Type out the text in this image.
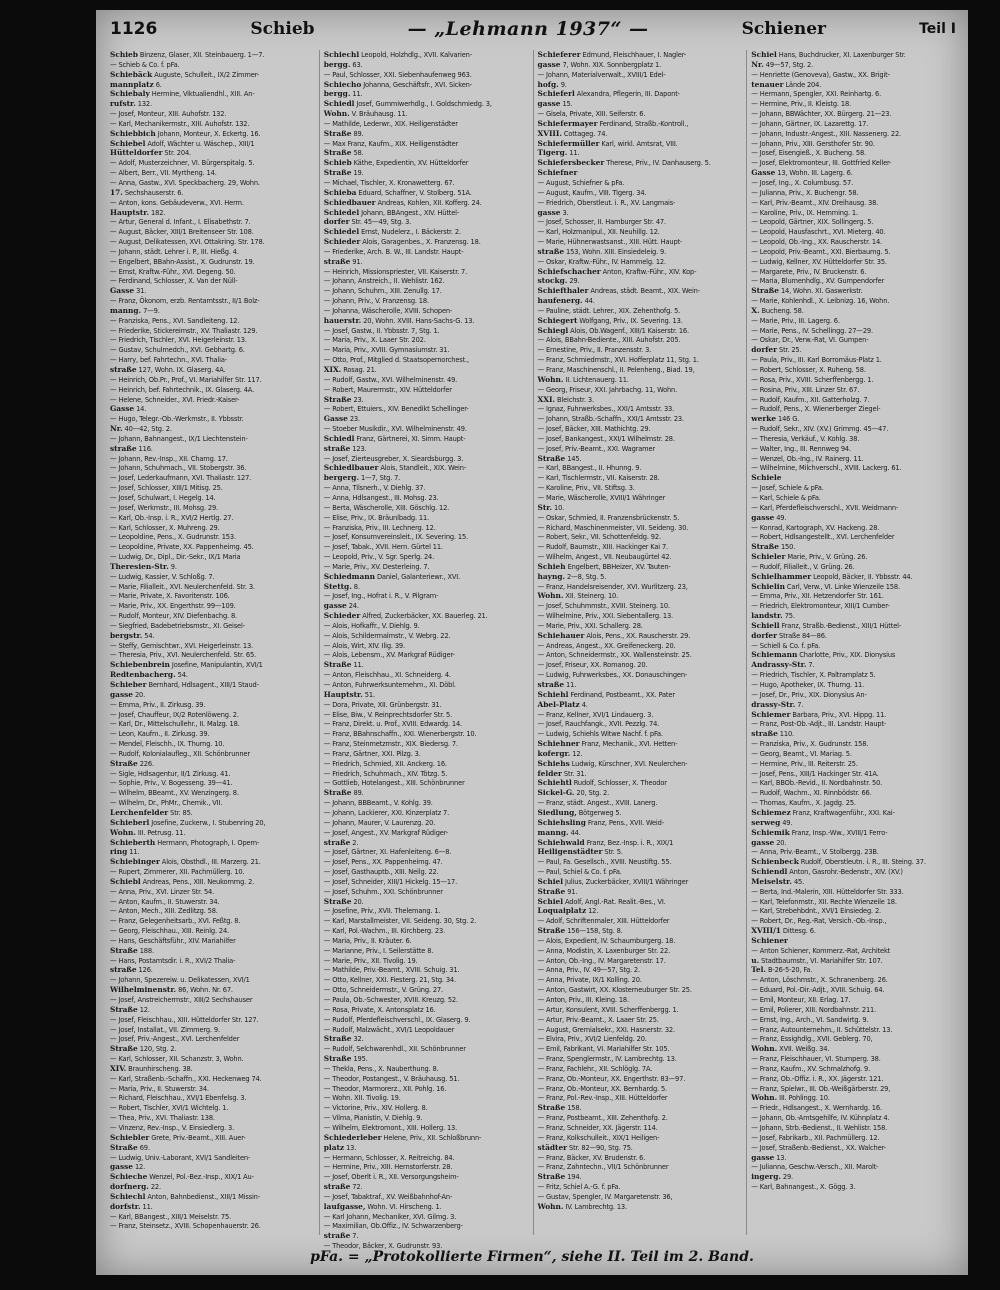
1126	Schieb	— „Lehmann 1937“ —	Schiener	Teil I
Schieb Binzenz, Glaser, XII. Steinbauerg. 1—7.
— Schieb & Co. f. pFa.
Schiebäck Auguste, Schulleit., IX/2 Zimmer-
mannplatz 6.
Schiebaly Hermine, Viktualiendhl., XIII. An-
rufstr. 132.
— Josef, Monteur, XIII. Auhofstr. 132.
— Karl, Mechanikermstr., XIII. Auhofstr. 132.
Schiebbich Johann, Monteur, X. Eckertg. 16.
Schiebel Adolf, Wächter u. Wäschep., XIII/1
Hütteldorfer Str. 204.
— Adolf, Musterzeichner, VI. Bürgerspitalg. 5.
— Albert, Berr., VII. Myrtheng. 14.
— Anna, Gastw., XVI. Speckbacherg. 29, Wohn.
17. Sechshauserstr. 6.
— Anton, kons. Gebäudeverw., XVI. Herm.
Hauptstr. 182.
— Artur, General d. Infant., I. Elisabethstr. 7.
— August, Bäcker, XIII/1 Breitenseer Str. 108.
— August, Delikatessen, XVI. Ottakring. Str. 178.
— Johann, städt. Lehrer i. P., III. Hießg. 4.
— Engelbert, BBahn-Assist., X. Gudrunstr. 19.
— Ernst, Kraftw.-Führ., XVI. Degeng. 50.
— Ferdinand, Schlosser, X. Van der Nüll-
Gasse 31.
— Franz, Ökonom, erzb. Rentamtsstr., II/1 Bolz-
manng. 7—9.
— Franziska, Pens., XVI. Sandleiteng. 12.
— Friederike, Stickereimstr., XV. Thaliastr. 129.
— Friedrich, Tischler, XVI. Heigerleinstr. 13.
— Gustav, Schulmedch., XVI. Gebhartg. 6.
— Harry, bef. Fahrtechn., XVI. Thalia-
straße 127, Wohn. IX. Glaserg. 4A.
— Heinrich, Ob.Pr., Prof., VI. Mariahilfer Str. 117.
— Heinrich, bef. Fahrtechnik., IX. Glaserg. 4A.
— Helene, Schneider., XVI. Friedr.-Kaiser-
Gasse 14.
— Hugo, Telegr.-Ob.-Werkmstr., II. Ybbsstr.
Nr. 40—42, Stg. 2.
— Johann, Bahnangest., IX/1 Liechtenstein-
straße 116.
— Johann, Rev.-Insp., XII. Chamg. 17.
— Johann, Schuhmach., VII. Stobergstr. 36.
— Josef, Lederkaufmann, XVI. Thaliastr. 127.
— Josef, Schlosser, XIII/1 Mitisg. 25.
— Josef, Schulwart, I. Hegelg. 14.
— Josef, Werkmstr., III. Mohsg. 29.
— Karl, Ob.-Insp. i. R., XVI/2 Hertlg. 27.
— Karl, Schlosser, X. Muhreng. 29.
— Leopoldine, Pens., X. Gudrunstr. 153.
— Leopoldine, Private, XX. Pappenheimg. 45.
— Ludwig, Dr., Dipl., Dir.-Sekr., IX/1 Maria
Theresien-Str. 9.
— Ludwig, Kassier, V. Schloßg. 7.
— Marie, Filialleit., XVI. Neulerchenfeld. Str. 3.
— Marie, Private, X. Favoritenstr. 106.
— Marie, Priv., XX. Engerthstr. 99—109.
— Rudolf, Monteur, XIV. Diefenbachg. 8.
— Siegfried, Badebetriebsmstr., XI. Geisel-
bergstr. 54.
— Steffy, Gemischtwr., XVI. Heigerleinstr. 13.
— Theresia, Priv., XVI. Neulerchenfeld. Str. 65.
Schiebenbrein Josefine, Manipulantin, XVI/1
Redtenbacherg. 54.
Schieber Bernhard, Hdlsagent., XIII/1 Staud-
gasse 20.
— Emma, Priv., II. Zirkusg. 39.
— Josef, Chauffeur, IX/2 Rotenlöweng. 2.
— Karl, Dr., Mittelschullehr., II. Malzg. 18.
— Leon, Kaufm., II. Zirkusg. 39.
— Mendel, Fleischh., IX. Thurng. 10.
— Rudolf, Kolonialaufleg., XII. Schönbrunner
Straße 226.
— Sigle, Hdlsagentur, II/1 Zirkusg. 41.
— Sophie, Priv., V. Bogesseng. 39—41.
— Wilhelm, BBeamt., XV. Wenzingerg. 8.
— Wilhelm, Dr., PhMr., Chemik., VII.
Lerchenfelder Str. 85.
Schieberl Josefine, Zuckerw., I. Stubenring 20,
Wohn. III. Petrusg. 11.
Schieberth Hermann, Photograph, I. Opern-
ring 11.
Schiebinger Alois, Obsthdl., III. Marzerg. 21.
— Rupert, Zimmerer, XII. Pachmüllerg. 10.
Schiebl Andreas, Pens., XIII. Neukommg. 2.
— Anna, Priv., XVI. Linzer Str. 54.
— Anton, Kaufm., II. Stuwerstr. 34.
— Anton, Mech., XIII. Zedlitzg. 58.
— Franz, Gelegenheitsarb., XVI. Feßtg. 8.
— Georg, Fleischhau., XIII. Reinlg. 24.
— Hans, Geschäftsführ., XIV. Mariahilfer
Straße 188.
— Hans, Postamtsdir. i. R., XVI/2 Thalia-
straße 126.
— Johann, Spezereiw. u. Delikatessen, XVI/1
Wilhelminenstr. 86, Wohn. Nr. 67.
— Josef, Anstreichermstr., XIII/2 Sechshauser
Straße 12.
— Josef, Fleischhau., XIII. Hütteldorfer Str. 127.
— Josef, Installat., VII. Zimmerg. 9.
— Josef, Priv.-Angest., XVI. Lerchenfelder
Straße 120, Stg. 2.
— Karl, Schlosser, XII. Schanzstr. 3, Wohn.
XIV. Braunhirscheng. 38.
— Karl, Straßenb.-Schaffn., XXI. Heckenweg 74.
— Maria, Priv., II. Stuwerstr. 34.
— Richard, Fleischhau., XVI/1 Ebenfelsg. 3.
— Robert, Tischler, XVI/1 Wichtelg. 1.
— Thea, Priv., XVI. Thaliastr. 138.
— Vinzenz, Rev.-Insp., V. Einsiedlerg. 3.
Schiebler Grete, Priv.-Beamt., XIII. Auer-
Straße 69.
— Ludwig, Univ.-Laborant, XVI/1 Sandleiten-
gasse 12.
Schieche Wenzel, Pol.-Bez.-Insp., XIX/1 Au-
dorfnerg. 22.
Schiechl Anton, Bahnbedienst., XIII/1 Missin-
dorfstr. 11.
— Karl, BBangest., XIII/1 Meiselstr. 75.
— Franz, Steinsetz., XVIII. Schopenhauerstr. 26.
Schiechl Leopold, Holzhdlg., XVII. Kalvarien-
bergg. 63.
— Paul, Schlosser, XXI. Siebenhaufenweg 963.
Schiecho Johanna, Geschäftsfr., XVI. Sicken-
bergg. 11.
Schiedl Josef, Gummiwerhdlg., I. Goldschmiedg. 3,
Wohn. V. Bräuhausg. 11.
— Mathilde, Lederwr., XIX. Heiligenstädter
Straße 89.
— Max Franz, Kaufm., XIX. Heiligenstädter
Straße 58.
Schieb Käthe, Expedientin, XV. Hütteldorfer
Straße 19.
— Michael, Tischler, X. Kronawetterg. 67.
Schieba Eduard, Schaffner, V. Stolberg. 51A.
Schiedbauer Andreas, Kohlen, XII. Kofferg. 24.
Schiedel Johann, BBAngest., XIV. Hüttel-
dorfer Str. 45—49, Stg. 3.
Schiedel Ernst, Nudelerz., I. Bäckerstr. 2.
Schieder Alois, Garagenbes., X. Franzensg. 18.
— Friederike, Arch. B. W., III. Landstr. Haupt-
straße 91.
— Heinrich, Missionspriester, VII. Kaiserstr. 7.
— Johann, Anstreich., II. Wehlistr. 162.
— Johann, Schuhm., XIII. Zenullg. 17.
— Johann, Priv., V. Franzensg. 18.
— Johanna, Wäscherolle, XVIII. Schopen-
hauerstr. 20, Wohn. XVIII. Hans-Sachs-G. 13.
— Josef, Gastw., II. Ybbsstr. 7, Stg. 1.
— Maria, Priv., X. Laaer Str. 202.
— Maria, Priv., XVIII. Gymnasiumstr. 31.
— Otto, Prof., Mitglied d. Staatsopernorchest.,
XIX. Rosag. 21.
— Rudolf, Gastw., XVI. Wilhelminenstr. 49.
— Robert, Maurermstr., XIV. Hütteldorfer
Straße 23.
— Robert, Ettuiers., XIV. Benedikt Schellinger-
Gasse 23.
— Stoeber Musikdir., XVI. Wilhelminenstr. 49.
Schiedl Franz, Gärtnerei, XI. Simm. Haupt-
straße 123.
— Josef, Zierteusgreber, X. Sieardsburgg. 3.
Schiedlbauer Alois, Standleit., XIX. Wein-
bergerg. 1—7, Stg. 7.
— Anna, Tilsnerh., V. Diehlg. 37.
— Anna, Hdlsangest., III. Mohsg. 23.
— Berta, Wäscherolle, XIII. Göschlg. 12.
— Elise, Priv., IX. Bräunlbadg. 11.
— Franziska, Priv., III. Lechnerg. 12.
— Josef, Konsumvereinsleit., IX. Severing. 15.
— Josef, Tabak., XVII. Hern. Gürtel 11.
— Leopold, Priv., V. Sgr. Sperlg. 24.
— Marie, Priv., XV. Desterleing. 7.
Schiedmann Daniel, Galanteriewr., XVI.
Stettg. 8.
— Josef, Ing., Hofrat i. R., V. Pilgram-
gasse 24.
Schieder Alfred, Zuckerbäcker, XX. Bauerleg. 21.
— Alois, Hofkaffr., V. Diehlg. 9.
— Alois, Schildermalmstr., V. Webrg. 22.
— Alois, Wirt, XIV. Ilig. 39.
— Alois, Lebensm., XV. Markgraf Rüdiger-
Straße 11.
— Anton, Fleischhau., XI. Schneiderg. 4.
— Anton, Fuhrwerksunternehm., XI. Döbl.
Hauptstr. 51.
— Dora, Private, XII. Grünbergstr. 31.
— Elise, Biw., V. Reinprechtsdorfer Str. 5.
— Franz, Direkt. u. Prof., XVIII. Edwardg. 14.
— Franz, BBahnschaffn., XXI. Wienerbergstr. 10.
— Franz, Steinmetzmstr., XIX. Biedersg. 7.
— Franz, Gärtner, XXI. Pilzg. 3.
— Friedrich, Schmied, XII. Anckerg. 16.
— Friedrich, Schuhmach., XIV. Tötzg. 5.
— Gottlieb, Hotelangest., XIII. Schönbrunner
Straße 89.
— Johann, BBBeamt., V. Kohlg. 39.
— Johann, Lackierer, XXI. Kinzerplatz 7.
— Johann, Maurer, V. Laurenzg. 20.
— Josef, Angest., XV. Markgraf Rüdiger-
straße 2.
— Josef, Gärtner, XI. Hafenleiteng. 6—8.
— Josef, Pens., XX. Pappenheimg. 47.
— Josef, Gasthauptb., XIII. Neilg. 22.
— Josef, Schneider, XIII/1 Hickelg. 15—17.
— Josef, Schuhm., XXI. Schönbrunner
Straße 20.
— Josefine, Priv., XVII. Thelemang. 1.
— Karl, Marstallmeister, VII. Seideng. 30, Stg. 2.
— Karl, Pol.-Wachm., III. Kirchberg. 23.
— Maria, Priv., II. Kräuter. 6.
— Marianne, Priv., I. Seilerstätte 8.
— Marie, Priv., XII. Tivolig. 19.
— Mathilde, Priv.-Beamt., XVIII. Schuig. 31.
— Otto, Kellner, XXI. Fiesterg. 21, Stg. 34.
— Otto, Schneidermstr., V. Grüng. 27.
— Paula, Ob.-Schwester, XVIII. Kreuzg. 52.
— Rosa, Private, X. Antonsplatz 16.
— Rudolf, Pferdefleischverschl., IX. Glaserg. 9.
— Rudolf, Malzwächt., XVI/1 Leopoldauer
Straße 32.
— Rudolf, Selchwarenhdl., XII. Schönbrunner
Straße 195.
— Theklа, Pens., X. Nauberthung. 8.
— Theodor, Postangest., V. Bräuhausg. 51.
— Theodor, Marmorerz., XII. Pohlg. 16.
— Wohn. XII. Tivolig. 19.
— Victorine, Priv., XIV. Hollerg. 8.
— Vilma, Pianistin, V. Diehlg. 9.
— Wilhelm, Elektromont., XIII. Hollerg. 13.
Schiederleber Helene, Priv., XII. Schloßbrunn-
platz 13.
— Hermann, Schlosser, X. Reitreichg. 84.
— Hermine, Priv., XIII. Hernstorferstr. 28.
— Josef, Oberlt i. R., XII. Versorgungsheim-
straße 72.
— Josef, Tabaktraf., XV. Weißbahnhof-An-
laufgasse, Wohn. VI. Hirscheng. 1.
— Karl Johann, Mechaniker, XVI. Gilmg. 3.
— Maximilian, Ob.Offiz., IV. Schwarzenberg-
straße 7.
— Theodor, Bäcker, X. Gudrunstr. 93.
Schieferer Edmund, Fleischhauer, I. Nagler-
gasse 7, Wohn. XIX. Sonnbergplatz 1.
— Johann, Materialverwalt., XVIII/1 Edel-
hofg. 9.
Schieferl Alexandra, Pflegerin, III. Dapont-
gasse 15.
— Gisela, Private, XIII. Seiferstr. 6.
Schiefermayer Ferdinand, Straßb.-Kontroll.,
XVIII. Cottageg. 74.
Schiefermüller Karl, wirkl. Amtsrat, VIII.
Tigerg. 11.
Schiefersbecker Therese, Priv., IV. Danhauserg. 5.
Schiefner
— August, Schiefner & pFa.
— August, Kaufm., VIII. Tigerg. 34.
— Friedrich, Oberstleut. i. R., XV. Langmais-
gasse 3.
— Josef, Schosser, II. Hamburger Str. 47.
— Karl, Holzmanipul., XII. Neuhillg. 12.
— Marie, Hühnerwastsanst., XIII. Hütt. Haupt-
straße 153, Wohn. XIII. Einsiedeleig. 9.
— Oskar, Kraftw.-Führ., IV. Hammelg. 12.
Schiefschacher Anton, Kraftw.-Führ., XIV. Kop-
stockg. 29.
Schiefthaler Andreas, städt. Beamt., XIX. Wein-
haufenerg. 44.
— Pauline, städt. Lehrer., XIX. Zehenthofg. 5.
Schiegert Wolfgang, Priv., IX. Severing. 13.
Schiegl Alois, Ob.Wagenf., XIII/1 Kaiserstr. 16.
— Alois, BBahn-Bediente., XIII. Auhofstr. 205.
— Ernestine, Priv., II. Pranzensstr. 3.
— Franz, Schmiedmstr., XVI. Hofferplatz 11, Stg. 1.
— Franz, Maschinenschl., II. Pelenheng., Biad. 19,
Wohn. II. Lichtenauerg. 11.
— Georg, Friseur, XXI. Jahrbachg. 11, Wohn.
XXI. Bleichstr. 3.
— Ignaz, Fuhrwerksbes., XXI/1 Amtsstr. 33.
— Johann, Straßb.-Schaffn., XXI/1 Amtsstr. 23.
— Josef, Bäcker, XIII. Mathichtg. 29.
— Josef, Bankangest., XXI/1 Wilhelmstr. 28.
— Josef, Priv.-Beamt., XXI. Wagramer
Straße 145.
— Karl, BBangest., II. Hhunng. 9.
— Karl, Tischlermstr., VII. Kaiserstr. 28.
— Karoline, Priv., VII. Stiftsg. 3.
— Marie, Wäscherolle, XVIII/1 Währinger
Str. 10.
— Oskar, Schmied, II. Franzensbrückenstr. 5.
— Richard, Maschinenmeister, VII. Seideng. 30.
— Robert, Sekr., VII. Schottenfeldg. 92.
— Rudolf, Baumstr., XIII. Hackinger Kai 7.
— Wilhelm, Angest., VII. Neubaugürtel 42.
Schieh Engelbert, BBHeizer, XV. Tauten-
hayng. 2—8, Stg. 5.
— Franz, Handelsreisender, XVI. Wurlitzerg. 23,
Wohn. XII. Steinerg. 10.
— Josef, Schuhmmstr., XVIII. Steinerg. 10.
— Wilhelmine, Priv., XXI. Siebentallerg. 13.
— Marie, Priv., XXI. Schallerg. 28.
Schiehauer Alois, Pens., XX. Rauscherstr. 29.
— Andreas, Angest., XX. Greifeneckerg. 20.
— Anton, Schneidermstr., XX. Wallensteinstr. 25.
— Josef, Friseur, XX. Romanog. 20.
— Ludwig, Fuhrwerksbes., XX. Donauschingen-
straße 11.
Schiehl Ferdinand, Postbeamt., XX. Pater
Abel-Platz 4.
— Franz, Kellner, XVI/1 Lindauerg. 3.
— Josef, Rauchfangk., XVII. Pezzlg. 74.
— Ludwig, Schiehls Witwe Nachf. f. pFa.
Schiehner Franz, Mechanik., XVI. Hetten-
kofergr. 12.
Schiehs Ludwig, Kürschner, XVI. Neulerchen-
felder Str. 31.
Schiehtl Rudolf, Schlosser, X. Theodor
Sickel-G. 20, Stg. 2.
— Franz, städt. Angest., XVIII. Lanerg.
Siedlung, Bötgerweg 5.
Schiehsling Franz, Pens., XVII. Weid-
manng. 44.
Schiehwald Franz, Bez.-Insp. i. R., XIX/1
Heiligenstädter Str. 5.
— Paul, Fa. Gesellsch., XVIII. Neustiftg. 55.
— Paul, Schiel & Co. f. pFa.
Schiel Julius, Zuckerbäcker, XVIII/1 Währinger
Straße 91.
Schiel Adolf, Angl.-Rat. Realit.-Bes., VI.
Loquaiplatz 12.
— Adolf, Schriftenmaler, XIII. Hütteldorfer
Straße 156—158, Stg. 8.
— Alois, Expedient, IV. Schaumburgerg. 18.
— Anna, Modistin, X. Laxenburger Str. 22.
— Anton, Ob.-Ing., IV. Margaretenstr. 17.
— Anna, Priv., IV. 49—57, Stg. 2.
— Anna, Private, IX/1 Kolling. 20.
— Anton, Gastwirt, XX. Klosterneuburger Str. 25.
— Anton, Priv., III. Kleing. 18.
— Artur, Konsulent, XVIII. Scherffenbergg. 1.
— Artur, Priv.-Beamt., X. Laaer Str. 25.
— August, Gremialsekr., XXI. Hasnerstr. 32.
— Elvira, Priv., XVI/2 Lienfeldg. 20.
— Emil, Fabrikant, VI. Mariahilfer Str. 105.
— Franz, Spenglermstr., IV. Lambrechtg. 13.
— Franz, Fachlehr., XII. Schlöglg. 7A.
— Franz, Ob.-Monteur, XX. Engerthstr. 83—97.
— Franz, Ob.-Monteur, XX. Bernhardg. 5.
— Franz, Pol.-Rev.-Insp., XIII. Hütteldorfer
Straße 158.
— Franz, Postbeamt., XIII. Zehenthofg. 2.
— Franz, Schneider, XX. Jägerstr. 114.
— Franz, Kolkschulleit., XIX/1 Heiligen-
städter Str. 82—90, Stg. 75.
— Franz, Bäcker, XV. Brudenstr. 6.
— Franz, Zahntechn., VII/1 Schönbrunner
Straße 194.
— Fritz, Schiel A.-G. f. pFa.
— Gustav, Spengler, IV. Margaretenstr. 36,
Wohn. IV. Lambrechtg. 13.
Schiel Hans, Buchdrucker, XI. Laxenburger Str.
Nr. 49—57, Stg. 2.
— Henriette (Genoveva), Gastw., XX. Brigit-
tenauer Lände 204.
— Hermann, Spengler, XXI. Reinhartg. 6.
— Hermine, Priv., II. Kleistg. 18.
— Johann, BBWächter, XX. Bürgerg. 21—23.
— Johann, Gärtner, IX. Lazarettg. 17.
— Johann, Industr.-Angest., XIII. Nassenerg. 22.
— Johann, Priv., XIII. Gersthofer Str. 90.
— Josef, Eisengieß., X. Bucheng. 58.
— Josef, Elektromonteur, III. Gottfried Keller-
Gasse 13, Wohn. III. Lagerg. 6.
— Josef, Ing., X. Columbusg. 57.
— Julianna, Priv., X. Buchengr. 58.
— Karl, Priv.-Beamt., XIV. Dreihausg. 38.
— Karoline, Priv., IX. Hemming. 1.
— Leopold, Gärtner, XIX. Sollingerg. 5.
— Leopold, Hausfaschrt., XVI. Mieterg. 40.
— Leopold, Ob.-Ing., XX. Rauscherstr. 14.
— Leopold, Priv.-Beamt., XXI. Bierbaumg. 5.
— Ludwig, Kellner, XV. Hütteldorfer Str. 35.
— Margarete, Priv., IV. Bruckenstr. 6.
— Maria, Blumenhdlg., XV. Gumpendorfer
Straße 14, Wohn. XI. Gaswerkstr.
— Marie, Kohlenhdl., X. Leibnizg. 16, Wohn.
X. Bucheng. 58.
— Marie, Priv., III. Lagerg. 6.
— Marie, Pens., IV. Schellingg. 27—29.
— Oskar, Dr., Verw.-Rat, VI. Gumpen-
dorfer Str. 25.
— Paula, Priv., III. Karl Borromäus-Platz 1.
— Robert, Schlosser, X. Ruheng. 58.
— Rosa, Priv., XVIII. Scherffenbergg. 1.
— Rosina, Priv., XIII. Linzer Str. 67.
— Rudolf, Kaufm., XII. Gatterholzg. 7.
— Rudolf, Pens., X. Wienerberger Ziegel-
werke 146 G.
— Rudolf, Sekr., XIV. (XV.) Grimmg. 45—47.
— Theresia, Verkäuf., V. Kohlg. 38.
— Walter, Ing., III. Rennweg 94.
— Wenzel, Ob.-Ing., IV. Rainerg. 11.
— Wilhelmine, Milchverschl., XVIII. Lackerg. 61.
Schiele
— Josef, Schiele & pFa.
— Karl, Schiele & pFa.
— Karl, Pferdefleischverschl., XVII. Weidmann-
gasse 49.
— Konrad, Kartograph, XV. Hackeng. 28.
— Robert, Hdlsangestellt., XVI. Lerchenfelder
Straße 150.
Schieler Marie, Priv., V. Grüng. 26.
— Rudolf, Filialleit., V. Grüng. 26.
Schielhammer Leopold, Bäcker, II. Ybbsstr. 44.
Schielin Carl, Verw., VI. Linke Wienzeile 158.
— Emma, Priv., XII. Hetzendorfer Str. 161.
— Friedrich, Elektromonteur, XIII/1 Cumber-
landstr. 75.
Schiell Franz, Straßb.-Bedienst., XIII/1 Hüttel-
dorfer Straße 84—86.
— Schiell & Co. f. pFa.
Schiemann Charlotte, Priv., XIX. Dionysius
Andrassy-Str. 7.
— Friedrich, Tischler, X. Paltramplatz 5.
— Hugo, Apotheker, IX. Thurng. 11.
— Josef, Dr., Priv., XIX. Dionysius An-
drassy-Str. 7.
Schiemer Barbara, Priv., XVI. Hippg. 11.
— Franz, Post-Ob.-Adjt., III. Landstr. Haupt-
straße 110.
— Franziska, Priv., X. Gudrunstr. 158.
— Georg, Beamt., VI. Mariag. 5.
— Hermine, Priv., III. Reiterstr. 25.
— Josef, Pens., XIII/1 Hackinger Str. 41A.
— Karl, BBOb.-Revid., II. Nordbahnstr. 50.
— Rudolf, Wachm., XI. Rinnbödstr. 66.
— Thomas, Kaufm., X. Jagdg. 25.
Schiemez Franz, Kraftwagenführ., XXI. Kai-
serweg 49.
Schiemik Franz, Insp.-Ww., XVIII/1 Ferro-
gasse 20.
— Anna, Priv.-Beamt., V. Stolbergg. 23B.
Schienbeck Rudolf, Oberstleutn. i. R., III. Steing. 37.
Schiendl Anton, Gasrohr.-Bedenstr., XIV. (XV.)
Meiselstr. 45.
— Berta, Ind.-Malerin, XIII. Hütteldorfer Str. 333.
— Karl, Telefonmstr., XII. Rechte Wienzeile 18.
— Karl, Strebehbdnt., XVI/1 Einsiedeg. 2.
— Robert, Dr., Reg.-Rat, Versich.-Ob.-Insp.,
XVIII/1 Dittesg. 6.
Schiener
— Anton Schiener, Kommerz.-Rat, Architekt
u. Stadtbaumstr., VI. Mariahilfer Str. 107.
Tel. B-26-5-20, Fa.
— Anton, Löschmstr., X. Schranenberg. 26.
— Eduard, Pol.-Dir.-Adjt., XVIII. Schuig. 64.
— Emil, Monteur, XII. Erlag. 17.
— Emil, Polierer, XIII. Nordbahnstr. 211.
— Ernst, Ing., Arch., VI. Sandwirtg. 9.
— Franz, Autounternehm., II. Schüttelstr. 13.
— Franz, Essighdlg., XVII. Geblerg. 70,
Wohn. XVII. Weißg. 34.
— Franz, Fleischhauer, VI. Stumperg. 38.
— Franz, Kaufm., XV. Schmalzhofg. 9.
— Franz, Ob.-Offiz. i. R., XX. Jägerstr. 121.
— Franz, Spielwr., III. Ob.-Weißgärberstr. 29,
Wohn. III. Pohlingg. 10.
— Friedr., Hdlsangest., X. Wernhardg. 16.
— Johann, Ob.-Amtsgehilfe, IV. Kühnplatz 4.
— Johann, Strb.-Bedienst., II. Wehlistr. 158.
— Josef, Fabrikarb., XII. Pachmüllerg. 12.
— Josef, Straßenb.-Bedienst., XX. Walcher-
gasse 13.
— Julianna, Geschw.-Versch., XII. Marolt-
ingerg. 29.
— Karl, Bahnangest., X. Gögg. 3.
pFa. = „Protokollierte Firmen“, siehe II. Teil im 2. Band.
